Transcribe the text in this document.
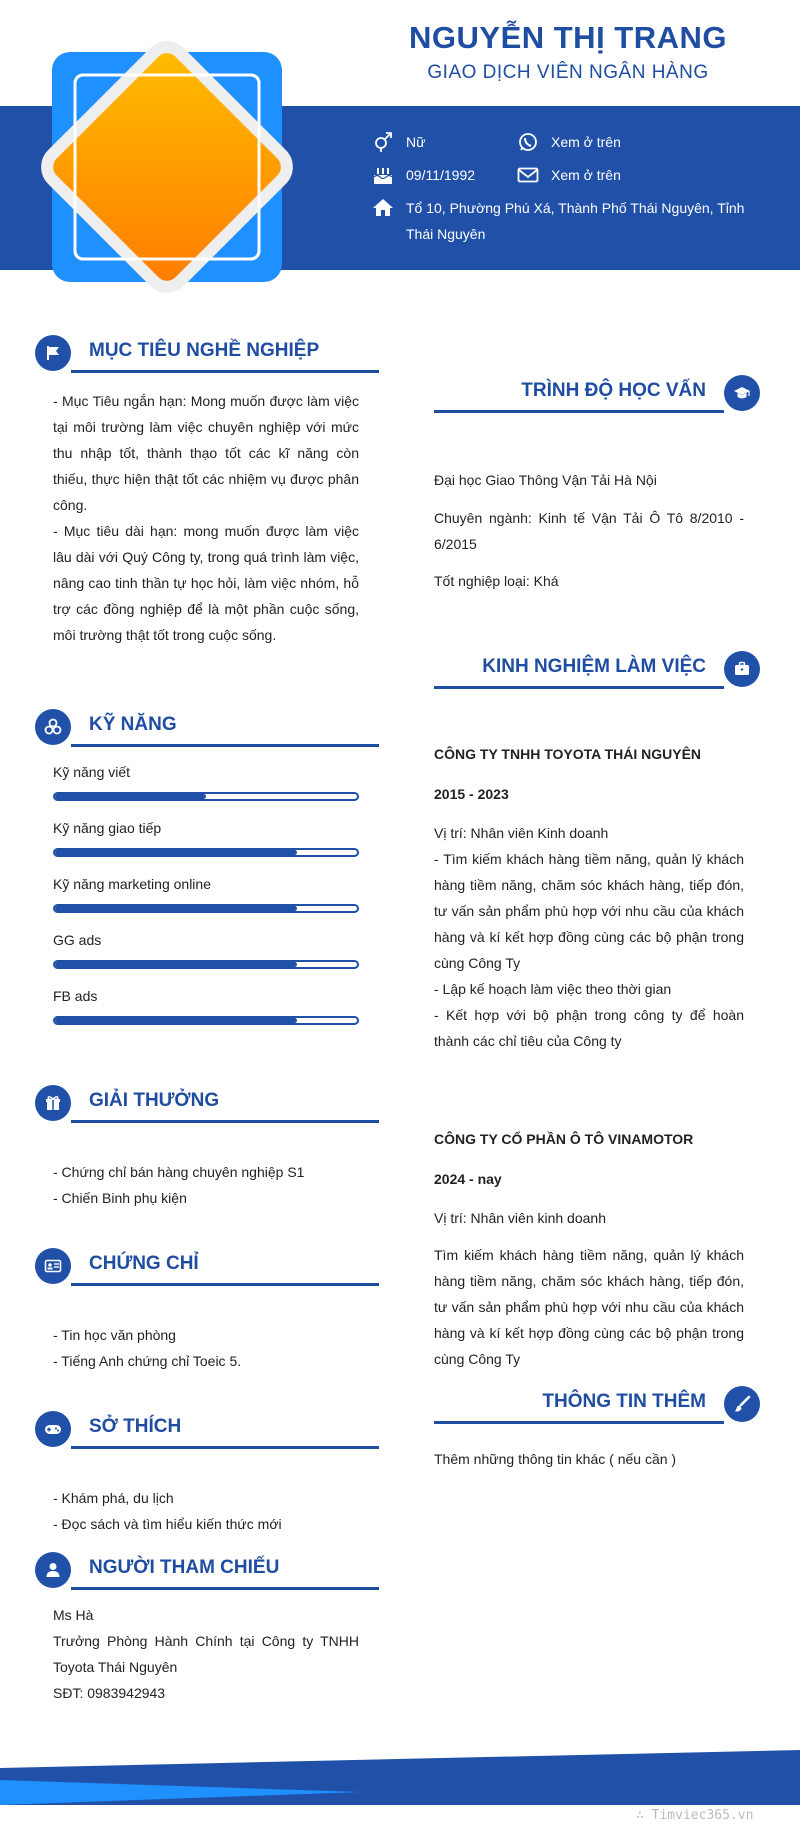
NGUYỄN THỊ TRANG
GIAO DỊCH VIÊN NGÂN HÀNG
Nữ	Xem ở trên
09/11/1992	Xem ở trên
Tổ 10, Phường Phú Xá, Thành Phố Thái Nguyên, Tỉnh
Thái Nguyên
MỤC TIÊU NGHỀ NGHIỆP
- Mục Tiêu ngắn hạn: Mong muốn được làm việc tại môi trường làm việc chuyên nghiệp với mức thu nhập tốt, thành thạo tốt các kĩ năng còn thiếu, thực hiện thật tốt các nhiệm vụ được phân công.
- Mục tiêu dài hạn: mong muốn được làm việc lâu dài với Quý Công ty, trong quá trình làm việc, nâng cao tinh thần tự học hỏi, làm việc nhóm, hỗ trợ các đồng nghiệp để là một phần cuộc sống, môi trường thật tốt trong cuộc sống.
KỸ NĂNG
Kỹ năng viết
Kỹ năng giao tiếp
Kỹ năng marketing online
GG ads
FB ads
GIẢI THƯỞNG
- Chứng chỉ bán hàng chuyên nghiệp S1
- Chiến Binh phụ kiện
CHỨNG CHỈ
- Tin học văn phòng
- Tiếng Anh chứng chỉ Toeic 5.
SỞ THÍCH
- Khám phá, du lịch
- Đọc sách và tìm hiểu kiến thức mới
NGƯỜI THAM CHIẾU
Ms Hà
Trưởng Phòng Hành Chính tại Công ty TNHH Toyota Thái Nguyên
SĐT: 0983942943
TRÌNH ĐỘ HỌC VẤN
Đại học Giao Thông Vận Tải Hà Nội
Chuyên ngành: Kinh tế Vận Tải Ô Tô 8/2010 - 6/2015
Tốt nghiệp loại: Khá
KINH NGHIỆM LÀM VIỆC
CÔNG TY TNHH TOYOTA THÁI NGUYÊN
2015 - 2023
Vị trí: Nhân viên Kinh doanh
- Tìm kiếm khách hàng tiềm năng, quản lý khách hàng tiềm năng, chăm sóc khách hàng, tiếp đón, tư vấn sản phẩm phù hợp với nhu cầu của khách hàng và kí kết hợp đồng cùng các bộ phận trong cùng Công Ty
- Lập kế hoạch làm việc theo thời gian
- Kết hợp với bộ phận trong công ty để hoàn thành các chỉ tiêu của Công ty
CÔNG TY CỔ PHẦN Ô TÔ VINAMOTOR
2024 - nay
Vị trí: Nhân viên kinh doanh
Tìm kiếm khách hàng tiềm năng, quản lý khách hàng tiềm năng, chăm sóc khách hàng, tiếp đón, tư vấn sản phẩm phù hợp với nhu cầu của khách hàng và kí kết hợp đồng cùng các bộ phận trong cùng Công Ty
THÔNG TIN THÊM
Thêm những thông tin khác ( nếu cần )
∴ Timviec365.vn
